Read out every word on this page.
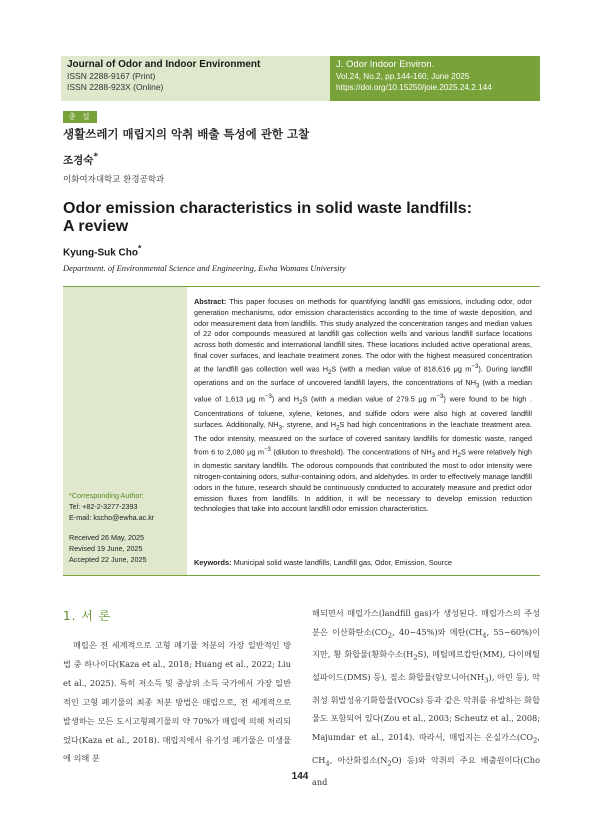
Journal of Odor and Indoor Environment
ISSN 2288-9167 (Print)
ISSN 2288-923X (Online)
J. Odor Indoor Environ.
Vol.24, No.2, pp.144-160, June 2025
https://doi.org/10.15250/joie.2025.24.2.144
총 설
생활쓰레기 매립지의 악취 배출 특성에 관한 고찰
조경숙*
이화여자대학교 환경공학과
Odor emission characteristics in solid waste landfills:
A review
Kyung-Suk Cho*
Department. of Environmental Science and Engineering, Ewha Womans University
*Corresponding Author:
Tel: +82-2-3277-2393
E-mail: kscho@ewha.ac.kr
Received 26 May, 2025
Revised 19 June, 2025
Accepted 22 June, 2025
Abstract: This paper focuses on methods for quantifying landfill gas emissions, including odor, odor generation mechanisms, odor emission characteristics according to the time of waste deposition, and odor measurement data from landfills. This study analyzed the concentration ranges and median values of 22 odor compounds measured at landfill gas collection wells and various landfill surface locations across both domestic and international landfill sites. These locations included active operational areas, final cover surfaces, and leachate treatment zones. The odor with the highest measured concentration at the landfill gas collection well was $H_2S$ (with a median value of 818,616 μg $m^{-3}$). During landfill operations and on the surface of uncovered landfill layers, the concentrations of $NH_3$ (with a median value of 1,613 μg $m^{-3}$) and $H_2S$ (with a median value of 279.5 μg $m^{-3}$) were found to be high . Concentrations of toluene, xylene, ketones, and sulfide odors were also high at covered landfill surfaces. Additionally, $NH_3$, styrene, and $H_2S$ had high concentrations in the leachate treatment area. The odor intensity, measured on the surface of covered sanitary landfills for domestic waste, ranged from 6 to 2,080 μg $m^{-3}$ (dilution to threshold). The concentrations of $NH_3$ and $H_2S$ were relatively high in domestic sanitary landfills. The odorous compounds that contributed the most to odor intensity were nitrogen-containing odors, sulfur-containing odors, and aldehydes. In order to effectively manage landfill odors in the future, research should be continuously conducted to accurately measure and predict odor emission fluxes from landfills. In addition, it will be necessary to develop emission reduction technologies that take into account landfill odor emission characteristics.
Keywords: Municipal solid waste landfills, Landfill gas, Odor, Emission, Source
1. 서 론
매립은 전 세계적으로 고형 폐기물 처분의 가장 일반적인 방법 중 하나이다(Kaza et al., 2018; Huang et al., 2022; Liu et al., 2025). 특히 저소득 및 중상위 소득 국가에서 가장 일반적인 고형 폐기물의 최종 처분 방법은 매립으로, 전 세계적으로 발생하는 모든 도시고형폐기물의 약 70%가 매립에 의해 처리되었다(Kaza et al., 2018). 매립지에서 유기성 폐기물은 미생물에 의해 분
해되면서 매립가스(landfill gas)가 생성된다. 매립가스의 주성분은 이산화탄소($CO_2$, 40~45%)와 메탄($CH_4$, 55~60%)이지만, 황 화합물(황화수소$(H_2S)$, 메틸메르캅탄(MM), 다이메틸설파이드(DMS) 등), 질소 화합물(암모니아$(NH_3)$, 아민 등), 악취성 휘발성유기화합물(VOCs) 등과 같은 악취를 유발하는 화합물도 포함되어 있다(Zou et al., 2003; Scheutz et al., 2008; Majumdar et al., 2014). 따라서, 매립지는 온실가스($CO_2$, $CH_4$, 아산화질소$(N_2O)$ 등)와 악취의 주요 배출원이다(Cho and
144
